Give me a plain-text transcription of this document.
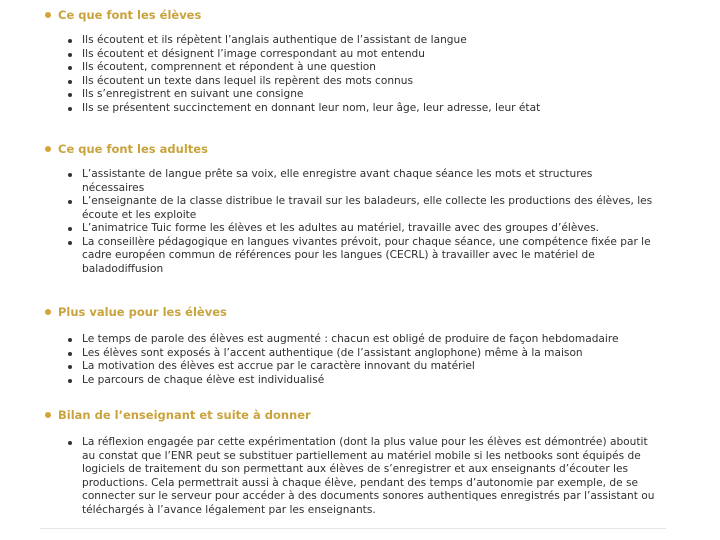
Ce que font les élèves
Ils écoutent et ils répètent l’anglais authentique de l’assistant de langue
Ils écoutent et désignent l’image correspondant au mot entendu
Ils écoutent, comprennent et répondent à une question
Ils écoutent un texte dans lequel ils repèrent des mots connus
Ils s’enregistrent en suivant une consigne
Ils se présentent succinctement en donnant leur nom, leur âge, leur adresse, leur état
Ce que font les adultes
L’assistante de langue prête sa voix, elle enregistre avant chaque séance les mots et structures nécessaires
L’enseignante de la classe distribue le travail sur les baladeurs, elle collecte les productions des élèves, les écoute et les exploite
L’animatrice Tuic forme les élèves et les adultes au matériel, travaille avec des groupes d’élèves.
La conseillère pédagogique en langues vivantes prévoit, pour chaque séance, une compétence fixée par le cadre européen commun de références pour les langues (CECRL) à travailler avec le matériel de baladodiffusion
Plus value pour les élèves
Le temps de parole des élèves est augmenté : chacun est obligé de produire de façon hebdomadaire
Les élèves sont exposés à l’accent authentique (de l’assistant anglophone) même à la maison
La motivation des élèves est accrue par le caractère innovant du matériel
Le parcours de chaque élève est individualisé
Bilan de l’enseignant et suite à donner
La réflexion engagée par cette expérimentation (dont la plus value pour les élèves est démontrée) aboutit au constat que l’ENR peut se substituer partiellement au matériel mobile si les netbooks sont équipés de logiciels de traitement du son permettant aux élèves de s’enregistrer et aux enseignants d’écouter les productions. Cela permettrait aussi à chaque élève, pendant des temps d’autonomie par exemple, de se connecter sur le serveur pour accéder à des documents sonores authentiques enregistrés par l’assistant ou téléchargés à l’avance légalement par les enseignants.
